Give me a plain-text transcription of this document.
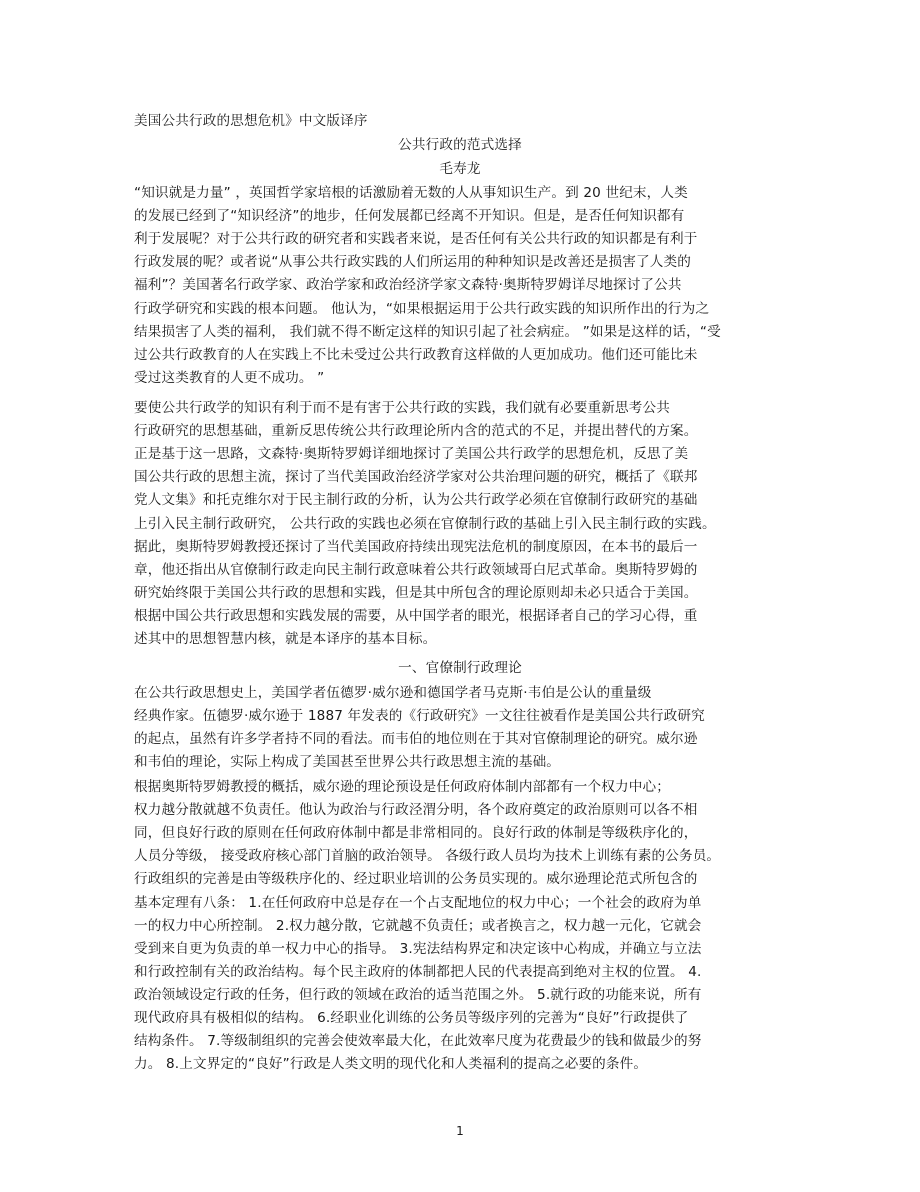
美国公共行政的思想危机》中文版译序
公共行政的范式选择
毛寿龙
“知识就是力量” ，英国哲学家培根的话激励着无数的人从事知识生产。到 20 世纪末，人类
的发展已经到了“知识经济”的地步，任何发展都已经离不开知识。但是，是否任何知识都有
利于发展呢？对于公共行政的研究者和实践者来说，是否任何有关公共行政的知识都是有利于
行政发展的呢？或者说“从事公共行政实践的人们所运用的种种知识是改善还是损害了人类的
福利”？美国著名行政学家、政治学家和政治经济学家文森特·奥斯特罗姆详尽地探讨了公共
行政学研究和实践的根本问题。 他认为，“如果根据运用于公共行政实践的知识所作出的行为之
结果损害了人类的福利， 我们就不得不断定这样的知识引起了社会病症。 ”如果是这样的话，“受
过公共行政教育的人在实践上不比未受过公共行政教育这样做的人更加成功。他们还可能比未
受过这类教育的人更不成功。 ”
要使公共行政学的知识有利于而不是有害于公共行政的实践，我们就有必要重新思考公共
行政研究的思想基础，重新反思传统公共行政理论所内含的范式的不足，并提出替代的方案。
正是基于这一思路，文森特·奥斯特罗姆详细地探讨了美国公共行政学的思想危机，反思了美
国公共行政的思想主流，探讨了当代美国政治经济学家对公共治理问题的研究，概括了《联邦
党人文集》和托克维尔对于民主制行政的分析，认为公共行政学必须在官僚制行政研究的基础
上引入民主制行政研究， 公共行政的实践也必须在官僚制行政的基础上引入民主制行政的实践。
据此，奥斯特罗姆教授还探讨了当代美国政府持续出现宪法危机的制度原因，在本书的最后一
章，他还指出从官僚制行政走向民主制行政意味着公共行政领域哥白尼式革命。奥斯特罗姆的
研究始终限于美国公共行政的思想和实践，但是其中所包含的理论原则却未必只适合于美国。
根据中国公共行政思想和实践发展的需要，从中国学者的眼光，根据译者自己的学习心得，重
述其中的思想智慧内核，就是本译序的基本目标。
一、官僚制行政理论
在公共行政思想史上，美国学者伍德罗·威尔逊和德国学者马克斯·韦伯是公认的重量级
经典作家。伍德罗·威尔逊于 1887 年发表的《行政研究》一文往往被看作是美国公共行政研究
的起点，虽然有许多学者持不同的看法。而韦伯的地位则在于其对官僚制理论的研究。威尔逊
和韦伯的理论，实际上构成了美国甚至世界公共行政思想主流的基础。
根据奥斯特罗姆教授的概括，威尔逊的理论预设是任何政府体制内部都有一个权力中心；
权力越分散就越不负责任。他认为政治与行政泾渭分明，各个政府奠定的政治原则可以各不相
同，但良好行政的原则在任何政府体制中都是非常相同的。良好行政的体制是等级秩序化的，
人员分等级， 接受政府核心部门首脑的政治领导。 各级行政人员均为技术上训练有素的公务员。
行政组织的完善是由等级秩序化的、经过职业培训的公务员实现的。威尔逊理论范式所包含的
基本定理有八条： 1.在任何政府中总是存在一个占支配地位的权力中心；一个社会的政府为单
一的权力中心所控制。 2.权力越分散，它就越不负责任；或者换言之，权力越一元化，它就会
受到来自更为负责的单一权力中心的指导。 3.宪法结构界定和决定该中心构成，并确立与立法
和行政控制有关的政治结构。每个民主政府的体制都把人民的代表提高到绝对主权的位置。 4.
政治领域设定行政的任务，但行政的领域在政治的适当范围之外。 5.就行政的功能来说，所有
现代政府具有极相似的结构。 6.经职业化训练的公务员等级序列的完善为“良好”行政提供了
结构条件。 7.等级制组织的完善会使效率最大化，在此效率尺度为花费最少的钱和做最少的努
力。 8.上文界定的“良好”行政是人类文明的现代化和人类福利的提高之必要的条件。
1
